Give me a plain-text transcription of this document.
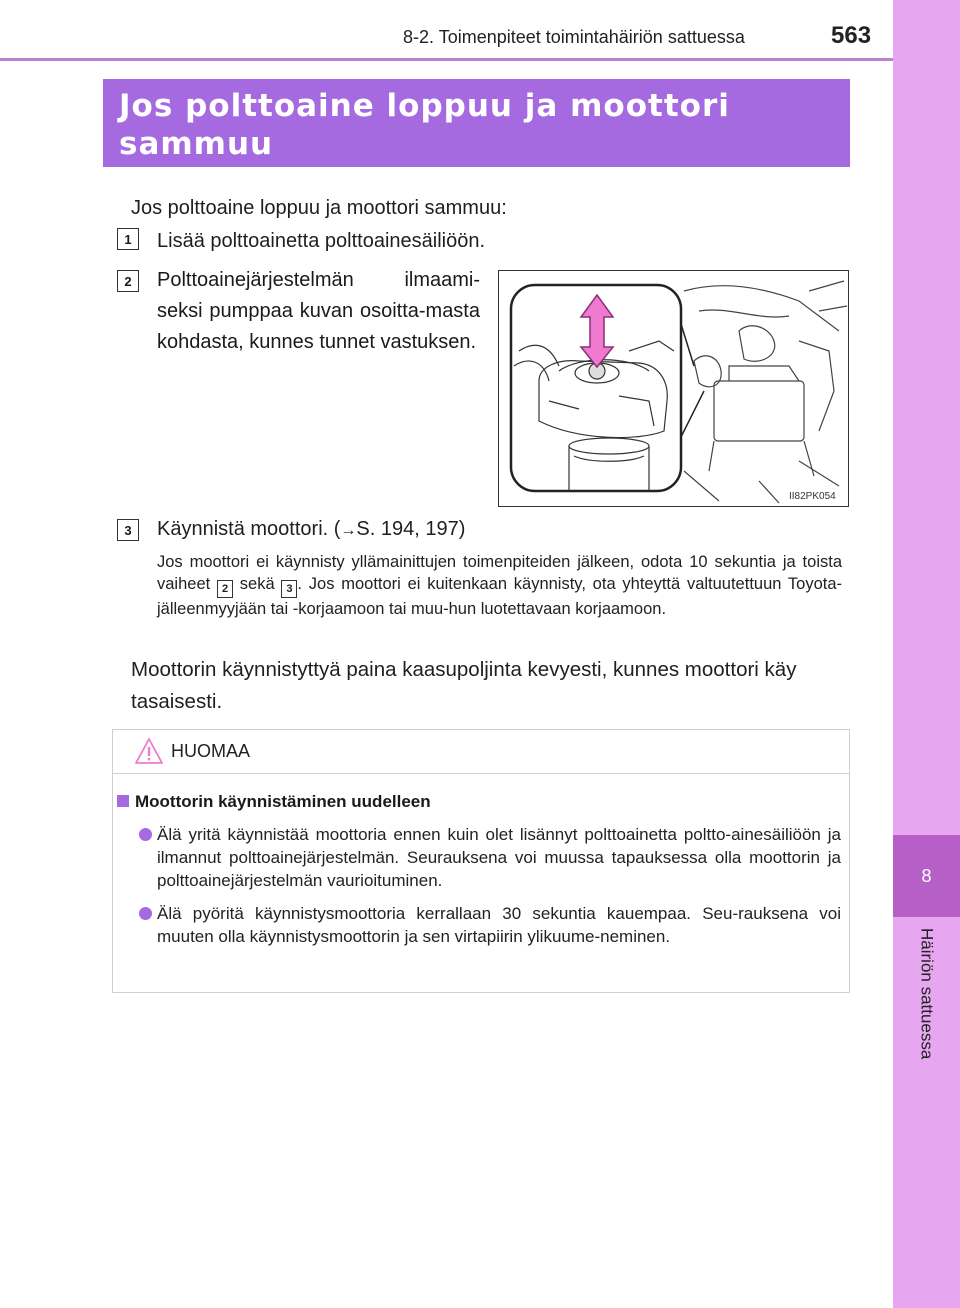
8
Häiriön sattuessa
8-2. Toimenpiteet toimintahäiriön sattuessa	563
Jos polttoaine loppuu ja moottori sammuu
(vain dieselmoottori)
Jos polttoaine loppuu ja moottori sammuu:
1	Lisää polttoainetta polttoainesäiliöön.
2	Polttoainejärjestelmän ilmaami-seksi pumppaa kuvan osoitta-masta kohdasta, kunnes tunnet vastuksen.
II82PK054
3	Käynnistä moottori. (→S. 194, 197)
Jos moottori ei käynnisty yllämainittujen toimenpiteiden jälkeen, odota 10 sekuntia ja toista vaiheet 2 sekä 3 . Jos moottori ei kuitenkaan käynnisty, ota yhteyttä valtuutettuun Toyota-jälleenmyyjään tai -korjaamoon tai muu-hun luotettavaan korjaamoon.
Moottorin käynnistyttyä paina kaasupoljinta kevyesti, kunnes moottori käy tasaisesti.
HUOMAA
Moottorin käynnistäminen uudelleen
Älä yritä käynnistää moottoria ennen kuin olet lisännyt polttoainetta poltto-ainesäiliöön ja ilmannut polttoainejärjestelmän. Seurauksena voi muussa tapauksessa olla moottorin ja polttoainejärjestelmän vaurioituminen.
Älä pyöritä käynnistysmoottoria kerrallaan 30 sekuntia kauempaa. Seu-rauksena voi muuten olla käynnistysmoottorin ja sen virtapiirin ylikuume-neminen.
